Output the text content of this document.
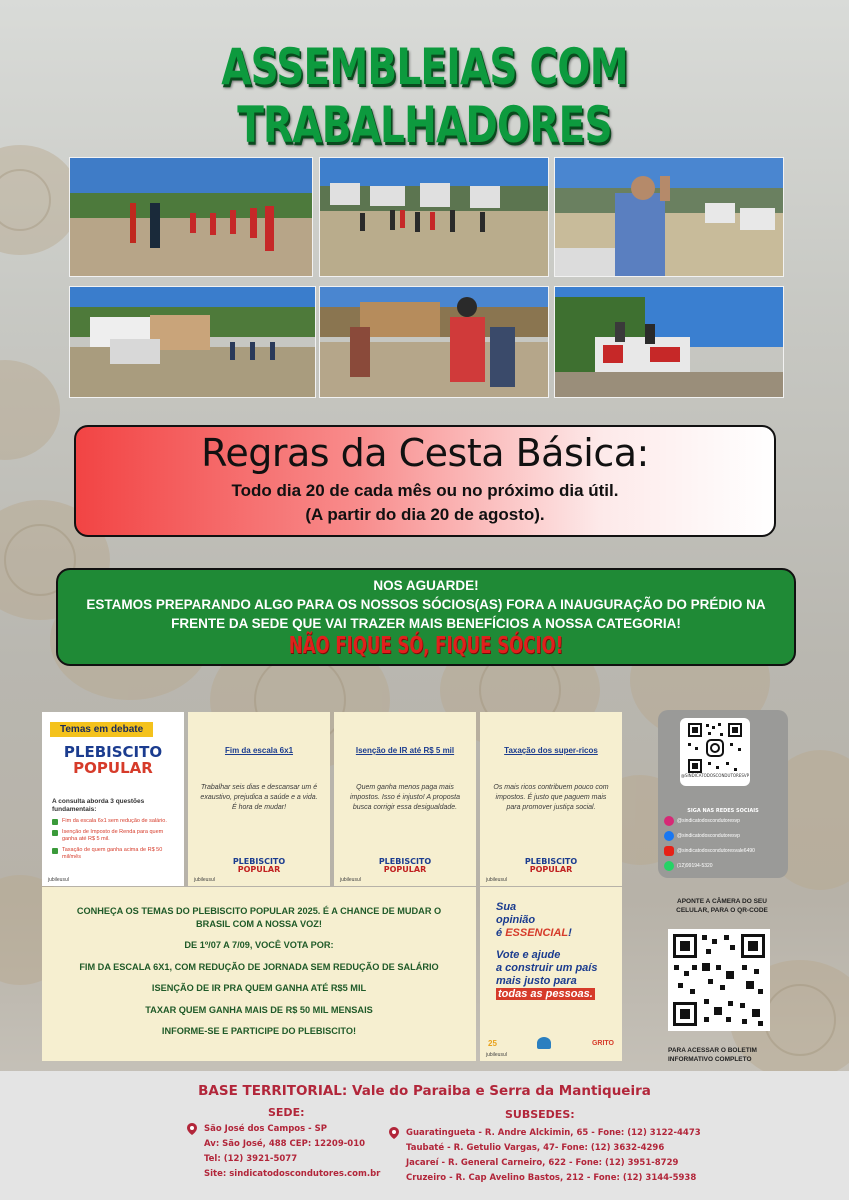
ASSEMBLEIAS COM TRABALHADORES
Regras da Cesta Básica:

Todo dia 20 de cada mês ou no próximo dia útil.
(A partir do dia 20 de agosto).

NOS AGUARDE!
ESTAMOS PREPARANDO ALGO PARA OS NOSSOS SÓCIOS(AS) FORA A INAUGURAÇÃO DO PRÉDIO NA FRENTE DA SEDE QUE VAI TRAZER MAIS BENEFÍCIOS A NOSSA CATEGORIA!
NÃO FIQUE SÓ, FIQUE SÓCIO!
Temas em debate
PLEBISCITO
POPULAR
A consulta aborda 3 questões fundamentais:
Fim da escala 6x1 sem redução de salário.
Isenção de Imposto de Renda para quem ganha até R$ 5 mil.
Taxação de quem ganha acima de R$ 50 mil/mês
jubileusul
Fim da escala 6x1
Trabalhar seis dias e descansar um é exaustivo, prejudica a saúde e a vida. É hora de mudar!
PLEBISCITO
POPULAR
jubileusul
Isenção de IR até R$ 5 mil
Quem ganha menos paga mais impostos. Isso é injusto! A proposta busca corrigir essa desigualdade.
PLEBISCITO
POPULAR
jubileusul
Taxação dos super-ricos
Os mais ricos contribuem pouco com impostos. É justo que paguem mais para promover justiça social.
PLEBISCITO
POPULAR
jubileusul

CONHEÇA OS TEMAS DO PLEBISCITO POPULAR 2025. É A CHANCE DE MUDAR O BRASIL COM A NOSSA VOZ!

DE 1º/07 A 7/09, VOCÊ VOTA POR:

FIM DA ESCALA 6X1, COM REDUÇÃO DE JORNADA SEM REDUÇÃO DE SALÁRIO

ISENÇÃO DE IR PRA QUEM GANHA ATÉ R$5 MIL

TAXAR QUEM GANHA MAIS DE R$ 50 MIL MENSAIS

INFORME-SE E PARTICIPE DO PLEBISCITO!

Sua
opinião
é ESSENCIAL!
Vote e ajude
a construir um país
mais justo para
todas as pessoas.
25	GRITO
jubileusul
@SINDICATODOSCONDUTORESVP
SIGA NAS REDES SOCIAIS
@sindicatodoscondutoresvp
@sindicatodoscondutoresvp
@sindicatodoscondutoresvale6490
(12)99194-5320
APONTE A CÂMERA DO SEU CELULAR, PARA O QR-CODE
PARA ACESSAR O BOLETIM INFORMATIVO COMPLETO
BASE TERRITORIAL: Vale do Paraiba e Serra da Mantiqueira
SEDE:
São José dos Campos - SP
Av: São José, 488 CEP: 12209-010
Tel: (12) 3921-5077
Site: sindicatodoscondutores.com.br
SUBSEDES:
Guaratingueta - R. Andre Alckimin, 65 - Fone: (12) 3122-4473
Taubaté - R. Getulio Vargas, 47- Fone: (12) 3632-4296
Jacareí - R. General Carneiro, 622 - Fone: (12) 3951-8729
Cruzeiro - R. Cap Avelino Bastos, 212 - Fone: (12) 3144-5938
